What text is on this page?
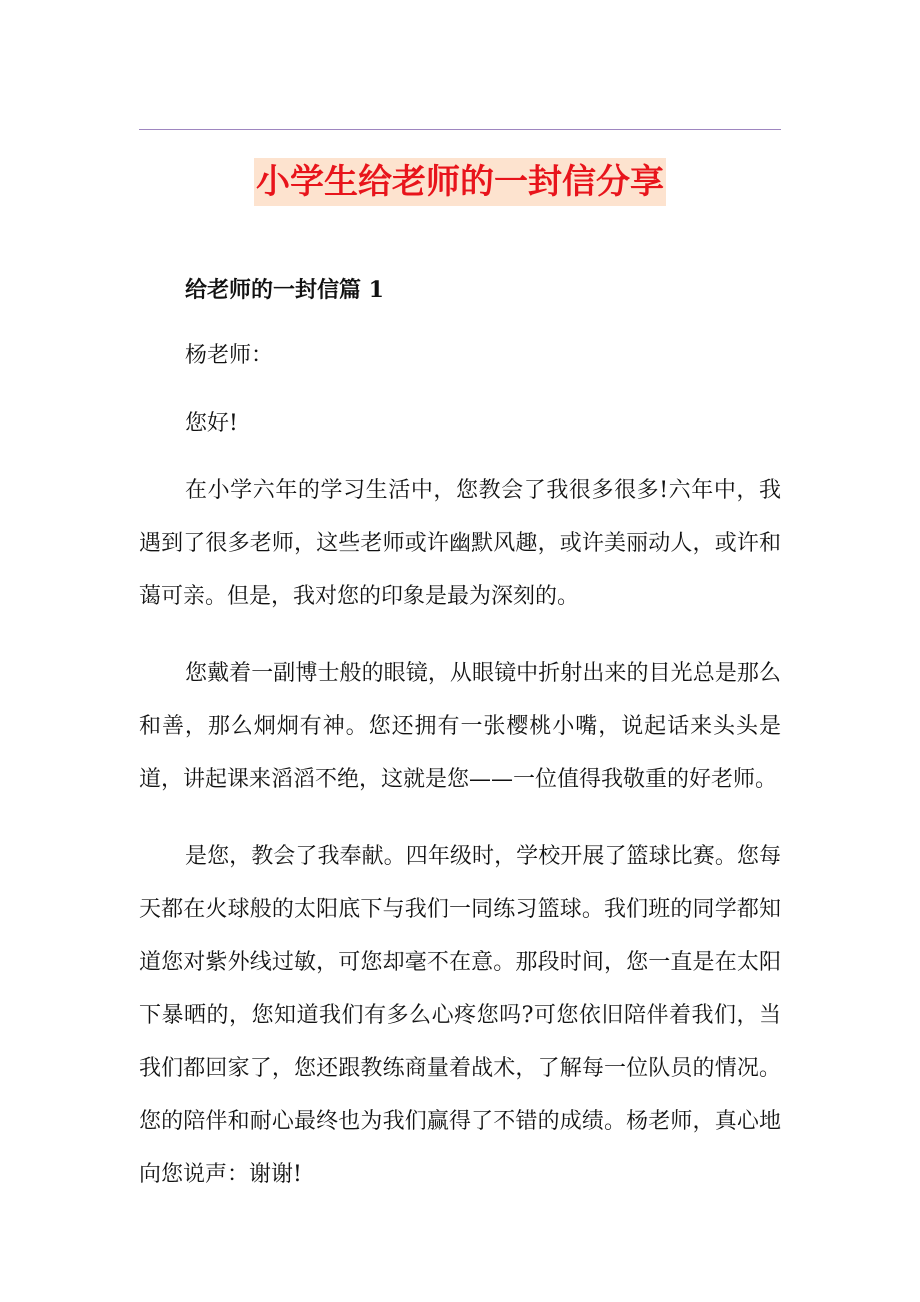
小学生给老师的一封信分享

给老师的一封信篇 1

杨老师：

您好!

在小学六年的学习生活中，您教会了我很多很多!六年中，我遇到了很多老师，这些老师或许幽默风趣，或许美丽动人，或许和蔼可亲。但是，我对您的印象是最为深刻的。

您戴着一副博士般的眼镜，从眼镜中折射出来的目光总是那么和善，那么炯炯有神。您还拥有一张樱桃小嘴，说起话来头头是道，讲起课来滔滔不绝，这就是您——一位值得我敬重的好老师。

是您，教会了我奉献。四年级时，学校开展了篮球比赛。您每天都在火球般的太阳底下与我们一同练习篮球。我们班的同学都知道您对紫外线过敏，可您却毫不在意。那段时间，您一直是在太阳下暴晒的，您知道我们有多么心疼您吗?可您依旧陪伴着我们，当我们都回家了，您还跟教练商量着战术，了解每一位队员的情况。您的陪伴和耐心最终也为我们赢得了不错的成绩。杨老师，真心地向您说声：谢谢!
